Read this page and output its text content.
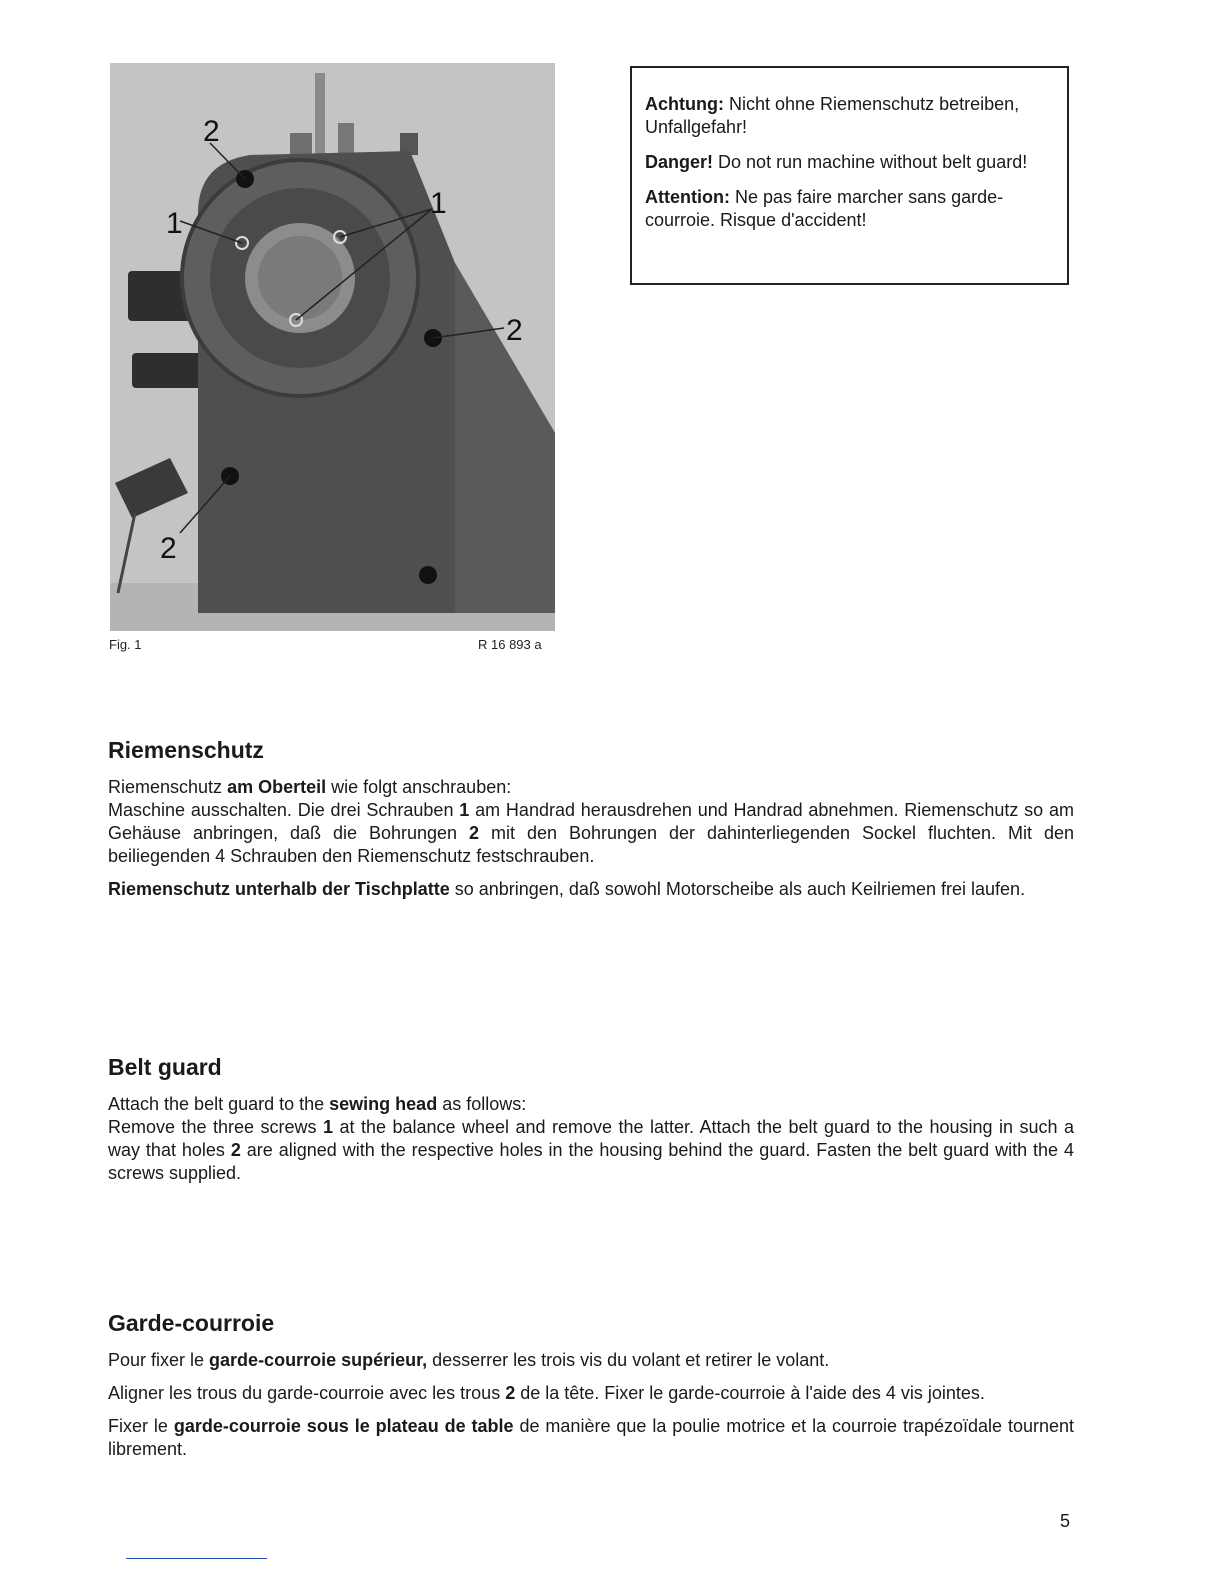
2
1
1
2
2
Fig. 1	R 16 893 a

Achtung: Nicht ohne Riemenschutz betreiben, Unfallgefahr!

Danger! Do not run machine without belt guard!

Attention: Ne pas faire marcher sans gardecourroie. Risque d'accident!

Riemenschutz

Riemenschutz am Oberteil wie folgt anschrauben:

Maschine ausschalten. Die drei Schrauben 1 am Handrad herausdrehen und Handrad abnehmen. Riemenschutz so am Gehäuse anbringen, daß die Bohrungen 2 mit den Bohrungen der dahinterliegenden Sockel fluchten. Mit den beiliegenden 4 Schrauben den Riemenschutz festschrauben.

Riemenschutz unterhalb der Tischplatte so anbringen, daß sowohl Motorscheibe als auch Keilriemen frei laufen.

Belt guard

Attach the belt guard to the sewing head as follows:

Remove the three screws 1 at the balance wheel and remove the latter. Attach the belt guard to the housing in such a way that holes 2 are aligned with the respective holes in the housing behind the guard. Fasten the belt guard with the 4 screws supplied.

Garde-courroie

Pour fixer le garde-courroie supérieur, desserrer les trois vis du volant et retirer le volant.

Aligner les trous du garde-courroie avec les trous 2 de la tête. Fixer le garde-courroie à l'aide des 4 vis jointes.

Fixer le garde-courroie sous le plateau de table de manière que la poulie motrice et la courroie trapézoïdale tournent librement.

5
